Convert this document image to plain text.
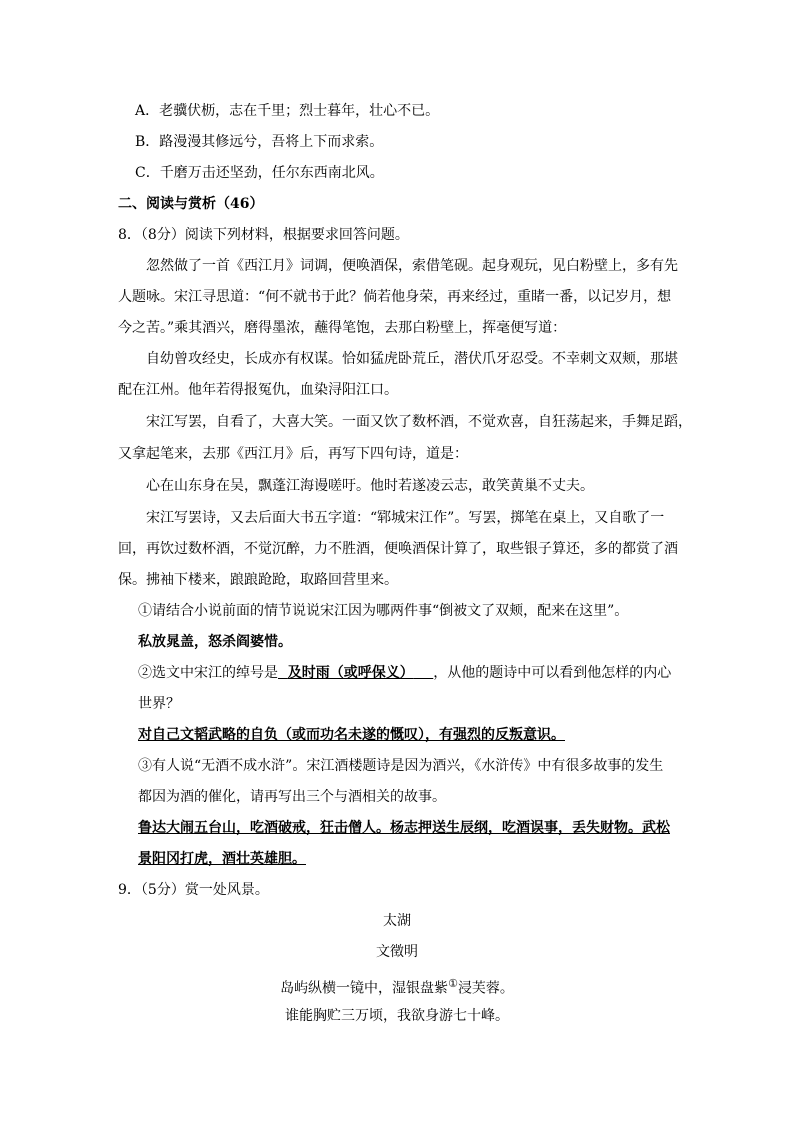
A．老骥伏枥，志在千里；烈士暮年，壮心不已。
B．路漫漫其修远兮，吾将上下而求索。
C．千磨万击还坚劲，任尔东西南北风。
二、阅读与赏析（46）
8．（8分）阅读下列材料，根据要求回答问题。
忽然做了一首《西江月》词调，便唤酒保，索借笔砚。起身观玩，见白粉壁上，多有先
人题咏。宋江寻思道：“何不就书于此？倘若他身荣，再来经过，重睹一番，以记岁月，想
今之苦。”乘其酒兴，磨得墨浓，蘸得笔饱，去那白粉壁上，挥毫便写道：
自幼曾攻经史，长成亦有权谋。恰如猛虎卧荒丘，潜伏爪牙忍受。不幸刺文双颊，那堪
配在江州。他年若得报冤仇，血染浔阳江口。
宋江写罢，自看了，大喜大笑。一面又饮了数杯酒，不觉欢喜，自狂荡起来，手舞足蹈，
又拿起笔来，去那《西江月》后，再写下四句诗，道是：
心在山东身在吴，飘蓬江海谩嗟吁。他时若遂凌云志，敢笑黄巢不丈夫。
宋江写罢诗，又去后面大书五字道：“郓城宋江作”。写罢，掷笔在桌上，又自歌了一
回，再饮过数杯酒，不觉沉醉，力不胜酒，便唤酒保计算了，取些银子算还，多的都赏了酒
保。拂袖下楼来，踉踉跄跄，取路回营里来。
①请结合小说前面的情节说说宋江因为哪两件事“倒被文了双颊，配来在这里”。
私放晁盖，怒杀阎婆惜。
②选文中宋江的绰号是 及时雨（或呼保义） ，从他的题诗中可以看到他怎样的内心
世界？
对自己文韬武略的自负（或而功名未遂的慨叹），有强烈的反叛意识。
③有人说“无酒不成水浒”。宋江酒楼题诗是因为酒兴，《水浒传》中有很多故事的发生
都因为酒的催化，请再写出三个与酒相关的故事。
鲁达大闹五台山，吃酒破戒，狂击僧人。杨志押送生辰纲，吃酒误事，丢失财物。武松
景阳冈打虎，酒壮英雄胆。
9．（5分）赏一处风景。
太湖
文徵明
岛屿纵横一镜中，湿银盘紫①浸芙蓉。
谁能胸贮三万顷，我欲身游七十峰。
